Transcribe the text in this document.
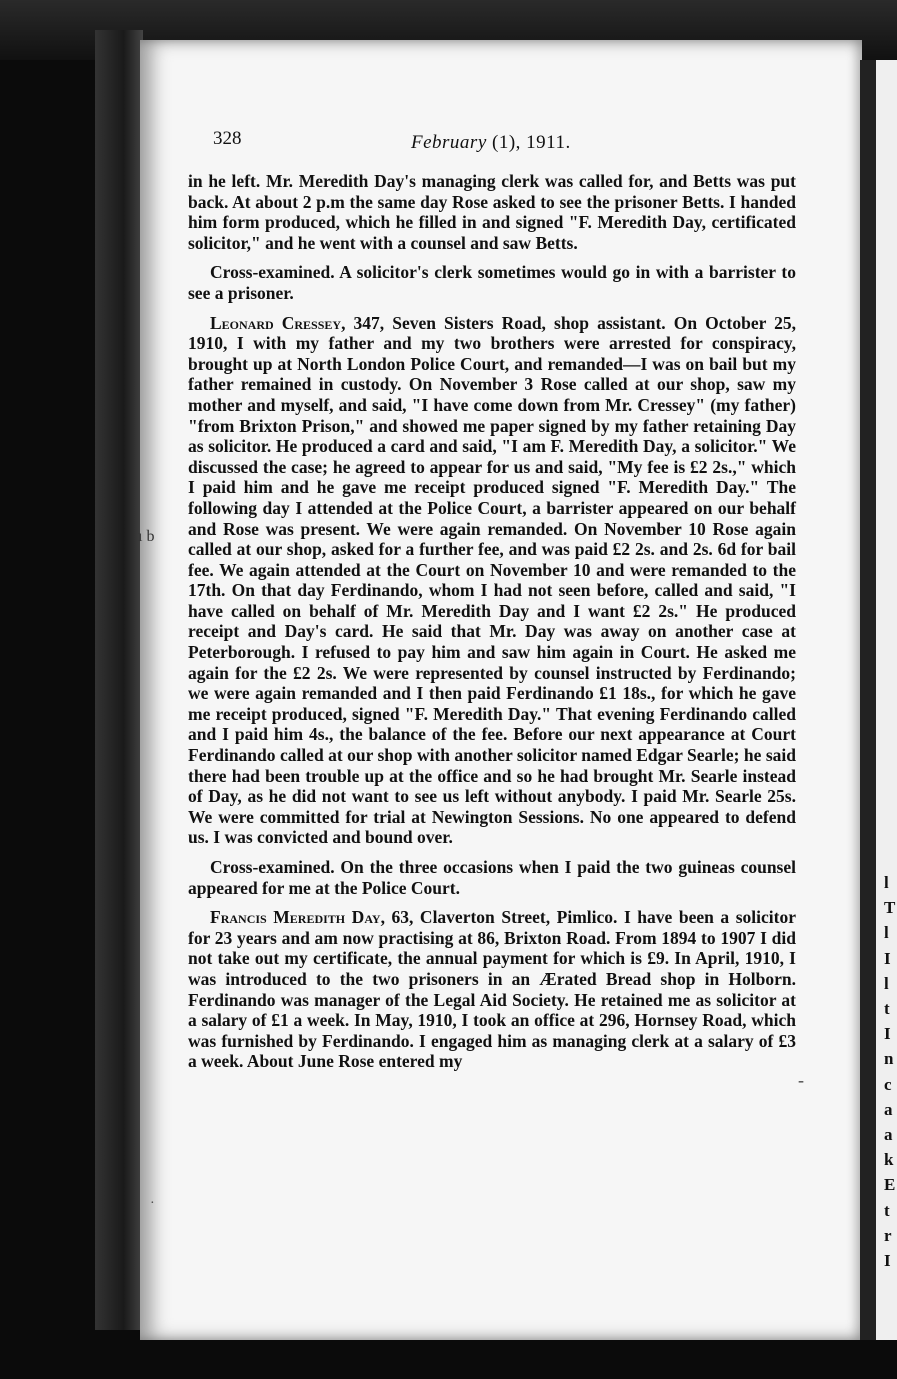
l
T
l
I
l
t
I
n
c
a
a
k
E
t
r
I
328	February (1), 1911.
ı b
-
·

in he left. Mr. Meredith Day's managing clerk was called for, and Betts was put back. At about 2 p.m the same day Rose asked to see the prisoner Betts. I handed him form produced, which he filled in and signed "F. Meredith Day, certificated solicitor," and he went with a counsel and saw Betts.

Cross-examined. A solicitor's clerk sometimes would go in with a barrister to see a prisoner.

Leonard Cressey, 347, Seven Sisters Road, shop assistant. On October 25, 1910, I with my father and my two brothers were arrested for conspiracy, brought up at North London Police Court, and remanded—I was on bail but my father remained in custody. On November 3 Rose called at our shop, saw my mother and myself, and said, "I have come down from Mr. Cressey" (my father) "from Brixton Prison," and showed me paper signed by my father retaining Day as solicitor. He produced a card and said, "I am F. Meredith Day, a solicitor." We discussed the case; he agreed to appear for us and said, "My fee is £2 2s.," which I paid him and he gave me receipt produced signed "F. Meredith Day." The following day I attended at the Police Court, a barrister appeared on our behalf and Rose was present. We were again remanded. On November 10 Rose again called at our shop, asked for a further fee, and was paid £2 2s. and 2s. 6d for bail fee. We again attended at the Court on November 10 and were remanded to the 17th. On that day Ferdinando, whom I had not seen before, called and said, "I have called on behalf of Mr. Meredith Day and I want £2 2s." He produced receipt and Day's card. He said that Mr. Day was away on another case at Peterborough. I refused to pay him and saw him again in Court. He asked me again for the £2 2s. We were represented by counsel instructed by Ferdinando; we were again remanded and I then paid Ferdinando £1 18s., for which he gave me receipt produced, signed "F. Meredith Day." That evening Ferdinando called and I paid him 4s., the balance of the fee. Before our next appearance at Court Ferdinando called at our shop with another solicitor named Edgar Searle; he said there had been trouble up at the office and so he had brought Mr. Searle instead of Day, as he did not want to see us left without anybody. I paid Mr. Searle 25s. We were committed for trial at Newington Sessions. No one appeared to defend us. I was convicted and bound over.

Cross-examined. On the three occasions when I paid the two guineas counsel appeared for me at the Police Court.

Francis Meredith Day, 63, Claverton Street, Pimlico. I have been a solicitor for 23 years and am now practising at 86, Brixton Road. From 1894 to 1907 I did not take out my certificate, the annual payment for which is £9. In April, 1910, I was introduced to the two prisoners in an Ærated Bread shop in Holborn. Ferdinando was manager of the Legal Aid Society. He retained me as solicitor at a salary of £1 a week. In May, 1910, I took an office at 296, Hornsey Road, which was furnished by Ferdinando. I engaged him as managing clerk at a salary of £3 a week. About June Rose entered my
